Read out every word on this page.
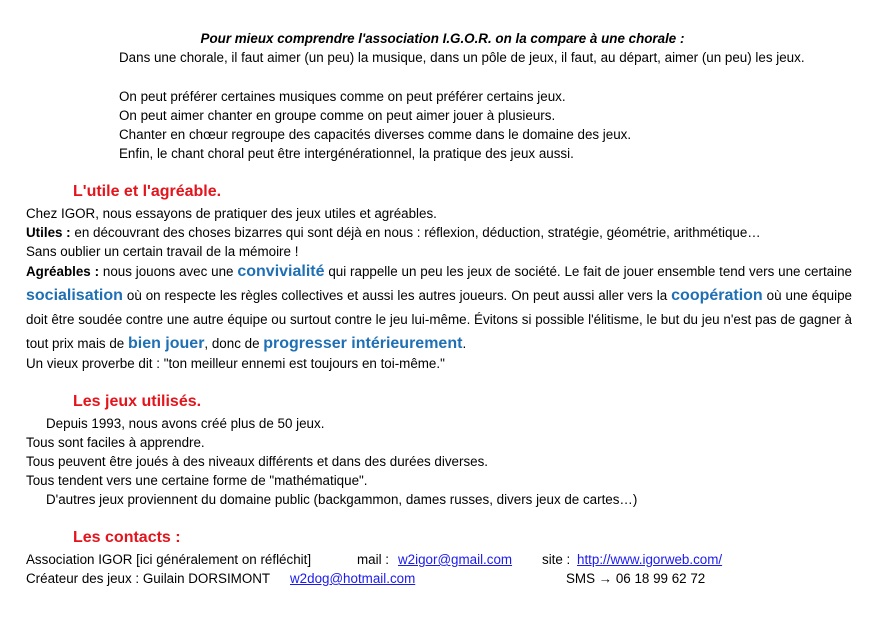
Pour mieux comprendre l'association I.G.O.R. on la compare à une chorale :
Dans une chorale, il faut aimer (un peu) la musique, dans un pôle de jeux, il faut, au départ, aimer (un peu) les jeux.
On peut préférer certaines musiques comme on peut préférer certains jeux.
On peut aimer chanter en groupe comme on peut aimer jouer à plusieurs.
Chanter en chœur regroupe des capacités diverses comme dans le domaine des jeux.
Enfin, le chant choral peut être intergénérationnel, la pratique des jeux aussi.
L'utile et l'agréable.
Chez IGOR, nous essayons de pratiquer des jeux utiles et agréables.
Utiles : en découvrant des choses bizarres qui sont déjà en nous : réflexion, déduction, stratégie, géométrie, arithmétique…
Sans oublier un certain travail de la mémoire !
Agréables : nous jouons avec une convivialité qui rappelle un peu les jeux de société. Le fait de jouer ensemble tend vers une certaine socialisation où on respecte les règles collectives et aussi les autres joueurs. On peut aussi aller vers la coopération où une équipe doit être soudée contre une autre équipe ou surtout contre le jeu lui-même. Évitons si possible l'élitisme, le but du jeu n'est pas de gagner à tout prix mais de bien jouer, donc de progresser intérieurement.
Un vieux proverbe dit : "ton meilleur ennemi est toujours en toi-même."
Les jeux utilisés.
Depuis 1993, nous avons créé plus de 50 jeux.
Tous sont faciles à apprendre.
Tous peuvent être joués à des niveaux différents et dans des durées diverses.
Tous tendent vers une certaine forme de "mathématique".
D'autres jeux proviennent du domaine public (backgammon, dames russes, divers jeux de cartes…)
Les contacts :
Association IGOR [ici généralement on réfléchit]	mail : w2igor@gmail.com site : http://www.igorweb.com/
Créateur des jeux : Guilain DORSIMONT w2dog@hotmail.com	SMS → 06 18 99 62 72
